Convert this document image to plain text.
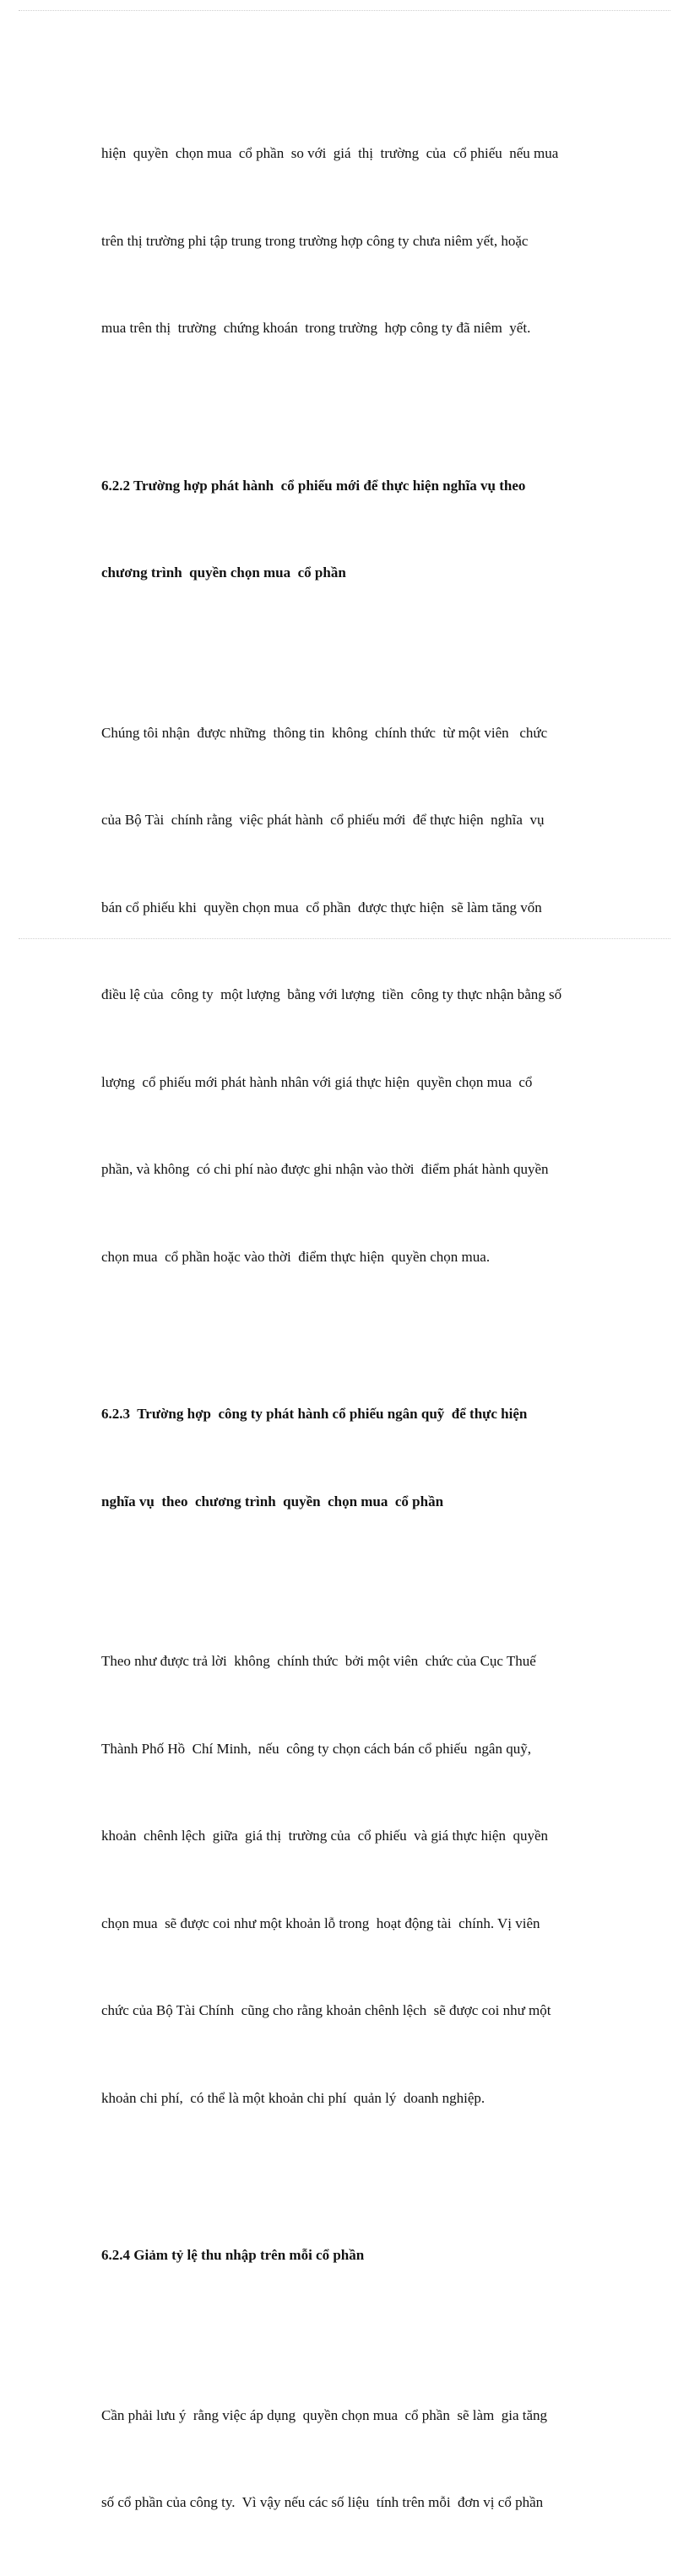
hiện  quyền  chọn mua  cổ phần  so với  giá  thị  trường  của  cổ phiếu  nếu mua

trên thị trường phi tập trung trong trường hợp công ty chưa niêm yết, hoặc

mua trên thị  trường  chứng khoán  trong trường  hợp công ty đã niêm  yết.

6.2.2 Trường hợp phát hành  cổ phiếu mới để thực hiện nghĩa vụ theo

chương trình  quyền chọn mua  cổ phần

Chúng tôi nhận  được những  thông tin  không  chính thức  từ một viên   chức

của Bộ Tài  chính rằng  việc phát hành  cổ phiếu mới  để thực hiện  nghĩa  vụ

bán cổ phiếu khi  quyền chọn mua  cổ phần  được thực hiện  sẽ làm tăng vốn

điều lệ của  công ty  một lượng  bằng với lượng  tiền  công ty thực nhận bằng số

lượng  cổ phiếu mới phát hành nhân với giá thực hiện  quyền chọn mua  cổ

phần, và không  có chi phí nào được ghi nhận vào thời  điểm phát hành quyền

chọn mua  cổ phần hoặc vào thời  điểm thực hiện  quyền chọn mua.

6.2.3  Trường hợp  công ty phát hành cổ phiếu ngân quỹ  để thực hiện

nghĩa vụ  theo  chương trình  quyền  chọn mua  cổ phần

Theo như được trả lời  không  chính thức  bởi một viên  chức của Cục Thuế

Thành Phố Hồ  Chí Minh,  nếu  công ty chọn cách bán cổ phiếu  ngân quỹ,

khoản  chênh lệch  giữa  giá thị  trường của  cổ phiếu  và giá thực hiện  quyền

chọn mua  sẽ được coi như một khoản lỗ trong  hoạt động tài  chính. Vị viên

chức của Bộ Tài Chính  cũng cho rằng khoản chênh lệch  sẽ được coi như một

khoản chi phí,  có thể là một khoản chi phí  quản lý  doanh nghiệp.

6.2.4 Giảm tỷ lệ thu nhập trên mỗi cổ phần

Cần phải lưu ý  rằng việc áp dụng  quyền chọn mua  cổ phần  sẽ làm  gia tăng

số cổ phần của công ty.  Vì vậy nếu các số liệu  tính trên mỗi  đơn vị cổ phần
